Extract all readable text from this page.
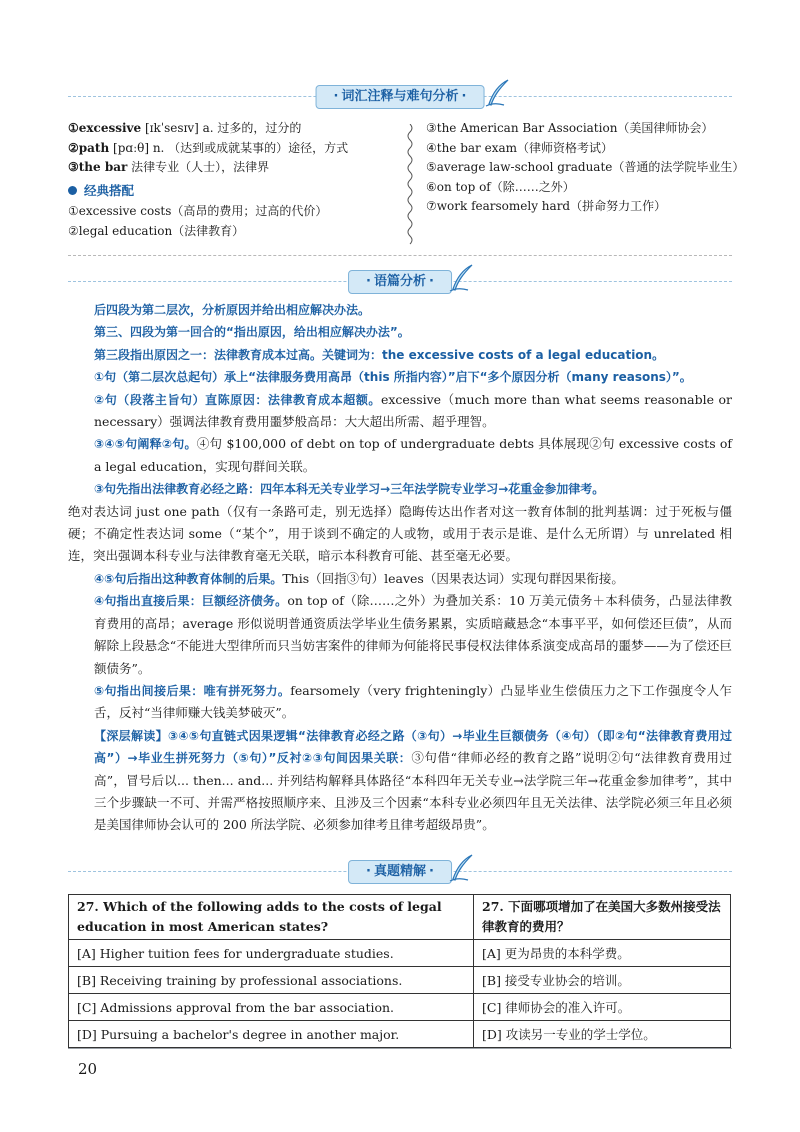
· 词汇注释与难句分析 ·
①excessive [ɪkˈsesɪv] a. 过多的，过分的
②path [pɑːθ] n. （达到或成就某事的）途径，方式
③the bar 法律专业（人士），法律界
经典搭配
①excessive costs（高昂的费用；过高的代价）
②legal education（法律教育）
③the American Bar Association（美国律师协会）
④the bar exam（律师资格考试）
⑤average law-school graduate（普通的法学院毕业生）
⑥on top of（除……之外）
⑦work fearsomely hard（拼命努力工作）
· 语篇分析 ·

后四段为第二层次，分析原因并给出相应解决办法。

第三、四段为第一回合的“指出原因，给出相应解决办法”。

第三段指出原因之一：法律教育成本过高。关键词为：the excessive costs of a legal education。

①句（第二层次总起句）承上“法律服务费用高昂（this 所指内容）”启下“多个原因分析（many reasons）”。

②句（段落主旨句）直陈原因：法律教育成本超额。excessive（much more than what seems reasonable or necessary）强调法律教育费用噩梦般高昂：大大超出所需、超乎理智。

③④⑤句阐释②句。④句 $100,000 of debt on top of undergraduate debts 具体展现②句 excessive costs of a legal education，实现句群间关联。

③句先指出法律教育必经之路：四年本科无关专业学习→三年法学院专业学习→花重金参加律考。

绝对表达词 just one path（仅有一条路可走，别无选择）隐晦传达出作者对这一教育体制的批判基调：过于死板与僵硬；不确定性表达词 some（“某个”，用于谈到不确定的人或物，或用于表示是谁、是什么无所谓）与 unrelated 相连，突出强调本科专业与法律教育毫无关联，暗示本科教育可能、甚至毫无必要。

④⑤句后指出这种教育体制的后果。This（回指③句）leaves（因果表达词）实现句群因果衔接。

④句指出直接后果：巨额经济债务。on top of（除……之外）为叠加关系：10 万美元债务＋本科债务，凸显法律教育费用的高昂；average 形似说明普通资质法学毕业生债务累累，实质暗藏悬念“本事平平，如何偿还巨债”，从而解除上段悬念“不能进大型律所而只当妨害案件的律师为何能将民事侵权法律体系演变成高昂的噩梦——为了偿还巨额债务”。

⑤句指出间接后果：唯有拼死努力。fearsomely（very frighteningly）凸显毕业生偿债压力之下工作强度令人乍舌，反衬“当律师赚大钱美梦破灭”。

【深层解读】③④⑤句直链式因果逻辑“法律教育必经之路（③句）→毕业生巨额债务（④句）（即②句“法律教育费用过高”）→毕业生拼死努力（⑤句）”反衬②③句间因果关联：③句借“律师必经的教育之路”说明②句“法律教育费用过高”，冒号后以... then... and... 并列结构解释具体路径“本科四年无关专业→法学院三年→花重金参加律考”，其中三个步骤缺一不可、并需严格按照顺序来、且涉及三个因素“本科专业必须四年且无关法律、法学院必须三年且必须是美国律师协会认可的 200 所法学院、必须参加律考且律考超级昂贵”。

· 真题精解 ·
27. Which of the following adds to the costs of legal education in most American states?	27. 下面哪项增加了在美国大多数州接受法律教育的费用？
[A] Higher tuition fees for undergraduate studies.	[A] 更为昂贵的本科学费。
[B] Receiving training by professional associations.	[B] 接受专业协会的培训。
[C] Admissions approval from the bar association.	[C] 律师协会的准入许可。
[D] Pursuing a bachelor's degree in another major.	[D] 攻读另一专业的学士学位。
20
